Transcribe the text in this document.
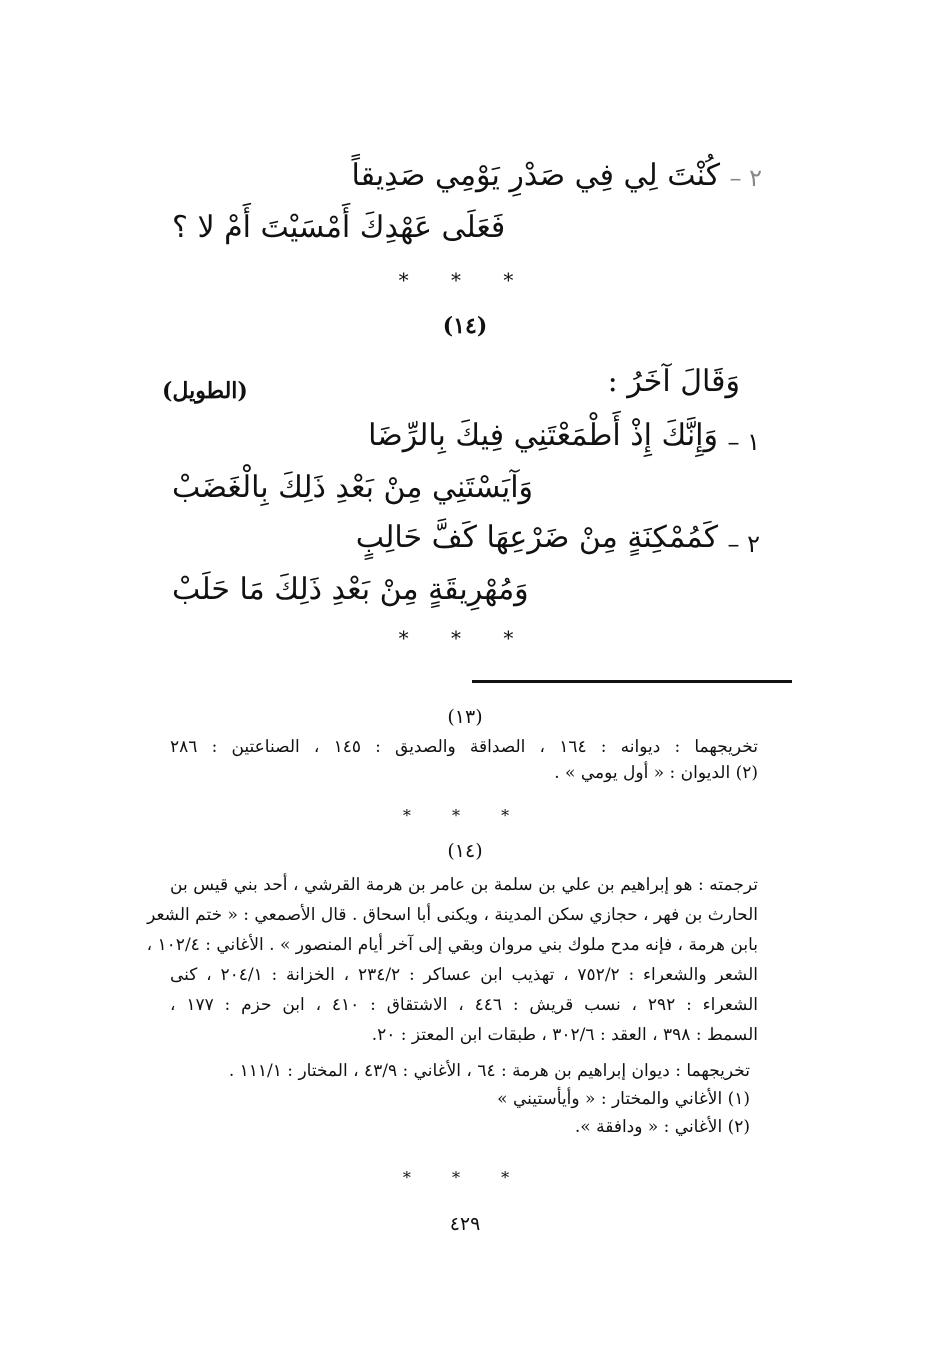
٢ –
كُنْتَ لِي فِي صَدْرِ يَوْمِي صَدِيقاً
فَعَلَى عَهْدِكَ أَمْسَيْتَ أَمْ لا ؟
* * *
(١٤)
وَقَالَ آخَرُ :
(الطويل)
١ –
وَإِنَّكَ إِذْ أَطْمَعْتَنِي فِيكَ بِالرِّضَا
وَآيَسْتَنِي مِنْ بَعْدِ ذَلِكَ بِالْغَضَبْ
٢ –
كَمُمْكِنَةٍ مِنْ ضَرْعِهَا كَفَّ حَالِبٍ
وَمُهْرِيقَةٍ مِنْ بَعْدِ ذَلِكَ مَا حَلَبْ
* * *
(١٣)
تخريجهما : ديوانه : ١٦٤ ، الصداقة والصديق : ١٤٥ ، الصناعتين : ٢٨٦
(٢) الديوان : « أول يومي » .
* * *
(١٤)
ترجمته : هو إبراهيم بن علي بن سلمة بن عامر بن هرمة القرشي ، أحد بني قيس بن
الحارث بن فهر ، حجازي سكن المدينة ، ويكنى أبا اسحاق . قال الأصمعي : « ختم الشعر
بابن هرمة ، فإنه مدح ملوك بني مروان وبقي إلى آخر أيام المنصور » . الأغاني : ١٠٢/٤ ،
الشعر والشعراء : ٧٥٢/٢ ، تهذيب ابن عساكر : ٢٣٤/٢ ، الخزانة : ٢٠٤/١ ، كنى
الشعراء : ٢٩٢ ، نسب قريش : ٤٤٦ ، الاشتقاق : ٤١٠ ، ابن حزم : ١٧٧ ،
السمط : ٣٩٨ ، العقد : ٣٠٢/٦ ، طبقات ابن المعتز : ٢٠.
تخريجهما : ديوان إبراهيم بن هرمة : ٦٤ ، الأغاني : ٤٣/٩ ، المختار : ١١١/١ .
(١) الأغاني والمختار : « وأيأستيني »
(٢) الأغاني : « ودافقة ».
* * *
٤٢٩
